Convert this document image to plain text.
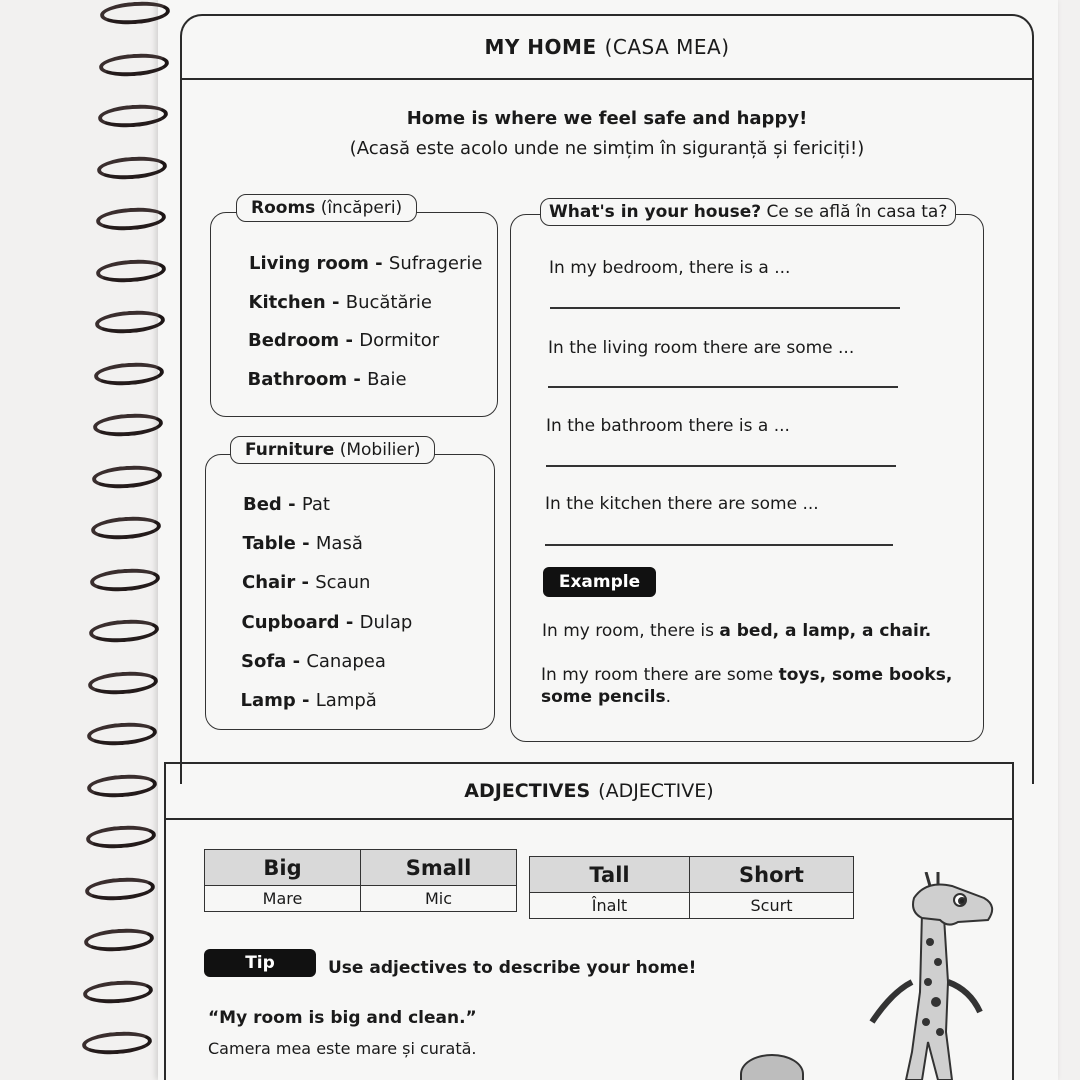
MY HOME (CASA MEA)
Home is where we feel safe and happy!
(Acasă este acolo unde ne simțim în siguranță și fericiți!)
Rooms (încăperi)
Living room - Sufragerie
Kitchen - Bucătărie
Bedroom - Dormitor
Bathroom - Baie
Furniture (Mobilier)
Bed - Pat
Table - Masă
Chair - Scaun
Cupboard - Dulap
Sofa - Canapea
Lamp - Lampă
What's in your house? Ce se află în casa ta?
In my bedroom, there is a ...
In the living room there are some ...
In the bathroom there is a ...
In the kitchen there are some ...
Example
In my room, there is a bed, a lamp, a chair.
In my room there are some toys, some books, some pencils.
ADJECTIVES (ADJECTIVE)
Big	Small
Mare	Mic
Tall	Short
Înalt	Scurt
Tip	Use adjectives to describe your home!
“My room is big and clean.”
Camera mea este mare și curată.
